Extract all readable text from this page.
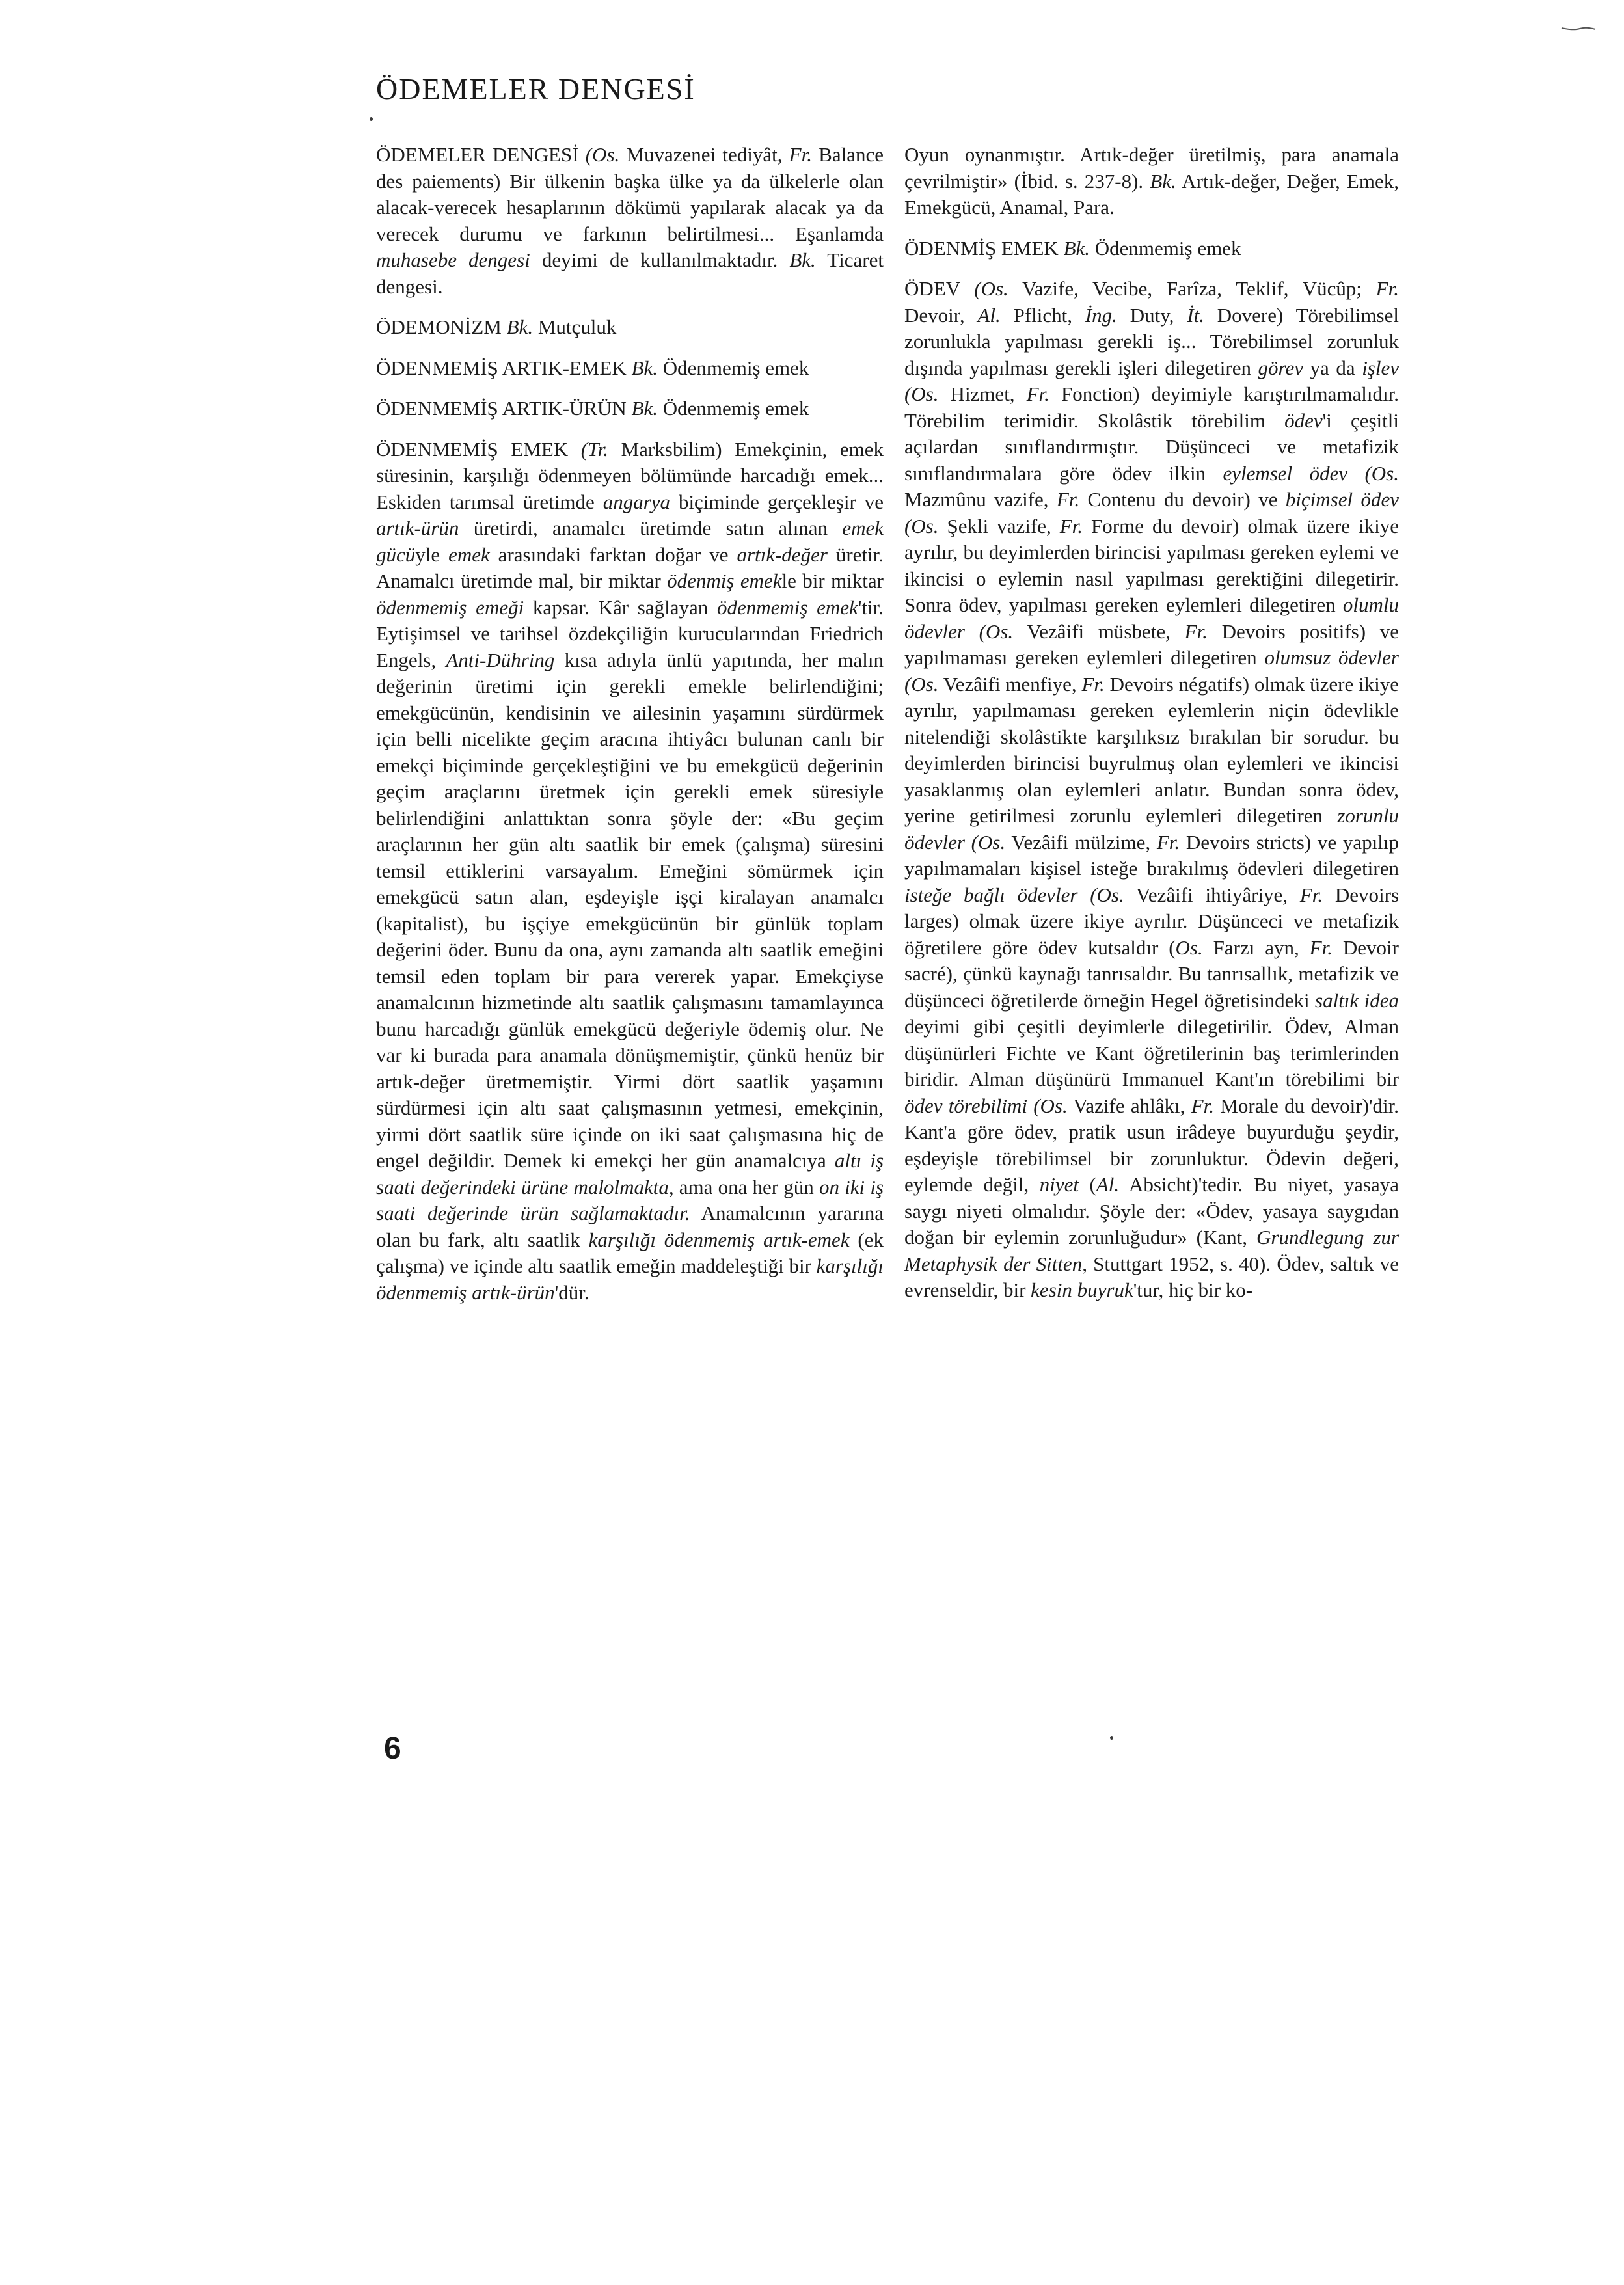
ÖDEMELER DENGESİ

ÖDEMELER DENGESİ (Os. Muvazenei tediyât, Fr. Balance des paiements) Bir ülkenin başka ülke ya da ülkelerle olan alacak-verecek hesaplarının dökümü yapılarak alacak ya da verecek durumu ve farkının belirtilmesi... Eşanlamda muhasebe dengesi deyimi de kullanılmaktadır. Bk. Ticaret dengesi.

ÖDEMONİZM Bk. Mutçuluk

ÖDENMEMİŞ ARTIK-EMEK Bk. Ödenmemiş emek

ÖDENMEMİŞ ARTIK-ÜRÜN Bk. Ödenmemiş emek

ÖDENMEMİŞ EMEK (Tr. Marksbilim) Emekçinin, emek süresinin, karşılığı ödenmeyen bölümünde harcadığı emek... Eskiden tarımsal üretimde angarya biçiminde gerçekleşir ve artık-ürün üretirdi, anamalcı üretimde satın alınan emek gücüyle emek arasındaki farktan doğar ve artık-değer üretir. Anamalcı üretimde mal, bir miktar ödenmiş emekle bir miktar ödenmemiş emeği kapsar. Kâr sağlayan ödenmemiş emek'tir. Eytişimsel ve tarihsel özdekçiliğin kurucularından Friedrich Engels, Anti-Dühring kısa adıyla ünlü yapıtında, her malın değerinin üretimi için gerekli emekle belirlendiğini; emekgücünün, kendisinin ve ailesinin yaşamını sürdürmek için belli nicelikte geçim aracına ihtiyâcı bulunan canlı bir emekçi biçiminde gerçekleştiğini ve bu emekgücü değerinin geçim araçlarını üretmek için gerekli emek süresiyle belirlendiğini anlattıktan sonra şöyle der: «Bu geçim araçlarının her gün altı saatlik bir emek (çalışma) süresini temsil ettiklerini varsayalım. Emeğini sömürmek için emekgücü satın alan, eşdeyişle işçi kiralayan anamalcı (kapitalist), bu işçiye emekgücünün bir günlük toplam değerini öder. Bunu da ona, aynı zamanda altı saatlik emeğini temsil eden toplam bir para vererek yapar. Emekçiyse anamalcının hizmetinde altı saatlik çalışmasını tamamlayınca bunu harcadığı günlük emekgücü değeriyle ödemiş olur. Ne var ki burada para anamala dönüşmemiştir, çünkü henüz bir artık-değer üretmemiştir. Yirmi dört saatlik yaşamını sürdürmesi için altı saat çalışmasının yetmesi, emekçinin, yirmi dört saatlik süre içinde on iki saat çalışmasına hiç de engel değildir. Demek ki emekçi her gün anamalcıya altı iş saati değerindeki ürüne malolmakta, ama ona her gün on iki iş saati değerinde ürün sağlamaktadır. Anamalcının yararına olan bu fark, altı saatlik karşılığı ödenmemiş artık-emek (ek çalışma) ve içinde altı saatlik emeğin maddeleştiği bir karşılığı ödenmemiş artık-ürün'dür.

Oyun oynanmıştır. Artık-değer üretilmiş, para anamala çevrilmiştir» (İbid. s. 237-8). Bk. Artık-değer, Değer, Emek, Emekgücü, Anamal, Para.

ÖDENMİŞ EMEK Bk. Ödenmemiş emek

ÖDEV (Os. Vazife, Vecibe, Farîza, Teklif, Vücûp; Fr. Devoir, Al. Pflicht, İng. Duty, İt. Dovere) Törebilimsel zorunlukla yapılması gerekli iş... Törebilimsel zorunluk dışında yapılması gerekli işleri dilegetiren görev ya da işlev (Os. Hizmet, Fr. Fonction) deyimiyle karıştırılmamalıdır. Törebilim terimidir. Skolâstik törebilim ödev'i çeşitli açılardan sınıflandırmıştır. Düşünceci ve metafizik sınıflandırmalara göre ödev ilkin eylemsel ödev (Os. Mazmûnu vazife, Fr. Contenu du devoir) ve biçimsel ödev (Os. Şekli vazife, Fr. Forme du devoir) olmak üzere ikiye ayrılır, bu deyimlerden birincisi yapılması gereken eylemi ve ikincisi o eylemin nasıl yapılması gerektiğini dilegetirir. Sonra ödev, yapılması gereken eylemleri dilegetiren olumlu ödevler (Os. Vezâifi müsbete, Fr. Devoirs positifs) ve yapılmaması gereken eylemleri dilegetiren olumsuz ödevler (Os. Vezâifi menfiye, Fr. Devoirs négatifs) olmak üzere ikiye ayrılır, yapılmaması gereken eylemlerin niçin ödevlikle nitelendiği skolâstikte karşılıksız bırakılan bir sorudur. bu deyimlerden birincisi buyrulmuş olan eylemleri ve ikincisi yasaklanmış olan eylemleri anlatır. Bundan sonra ödev, yerine getirilmesi zorunlu eylemleri dilegetiren zorunlu ödevler (Os. Vezâifi mülzime, Fr. Devoirs stricts) ve yapılıp yapılmamaları kişisel isteğe bırakılmış ödevleri dilegetiren isteğe bağlı ödevler (Os. Vezâifi ihtiyâriye, Fr. Devoirs larges) olmak üzere ikiye ayrılır. Düşünceci ve metafizik öğretilere göre ödev kutsaldır (Os. Farzı ayn, Fr. Devoir sacré), çünkü kaynağı tanrısaldır. Bu tanrısallık, metafizik ve düşünceci öğretilerde örneğin Hegel öğretisindeki saltık idea deyimi gibi çeşitli deyimlerle dilegetirilir. Ödev, Alman düşünürleri Fichte ve Kant öğretilerinin baş terimlerinden biridir. Alman düşünürü Immanuel Kant'ın törebilimi bir ödev törebilimi (Os. Vazife ahlâkı, Fr. Morale du devoir)'dir. Kant'a göre ödev, pratik usun irâdeye buyurduğu şeydir, eşdeyişle törebilimsel bir zorunluktur. Ödevin değeri, eylemde değil, niyet (Al. Absicht)'tedir. Bu niyet, yasaya saygı niyeti olmalıdır. Şöyle der: «Ödev, yasaya saygıdan doğan bir eylemin zorunluğudur» (Kant, Grundlegung zur Metaphysik der Sitten, Stuttgart 1952, s. 40). Ödev, saltık ve evrenseldir, bir kesin buyruk'tur, hiç bir ko-

6
